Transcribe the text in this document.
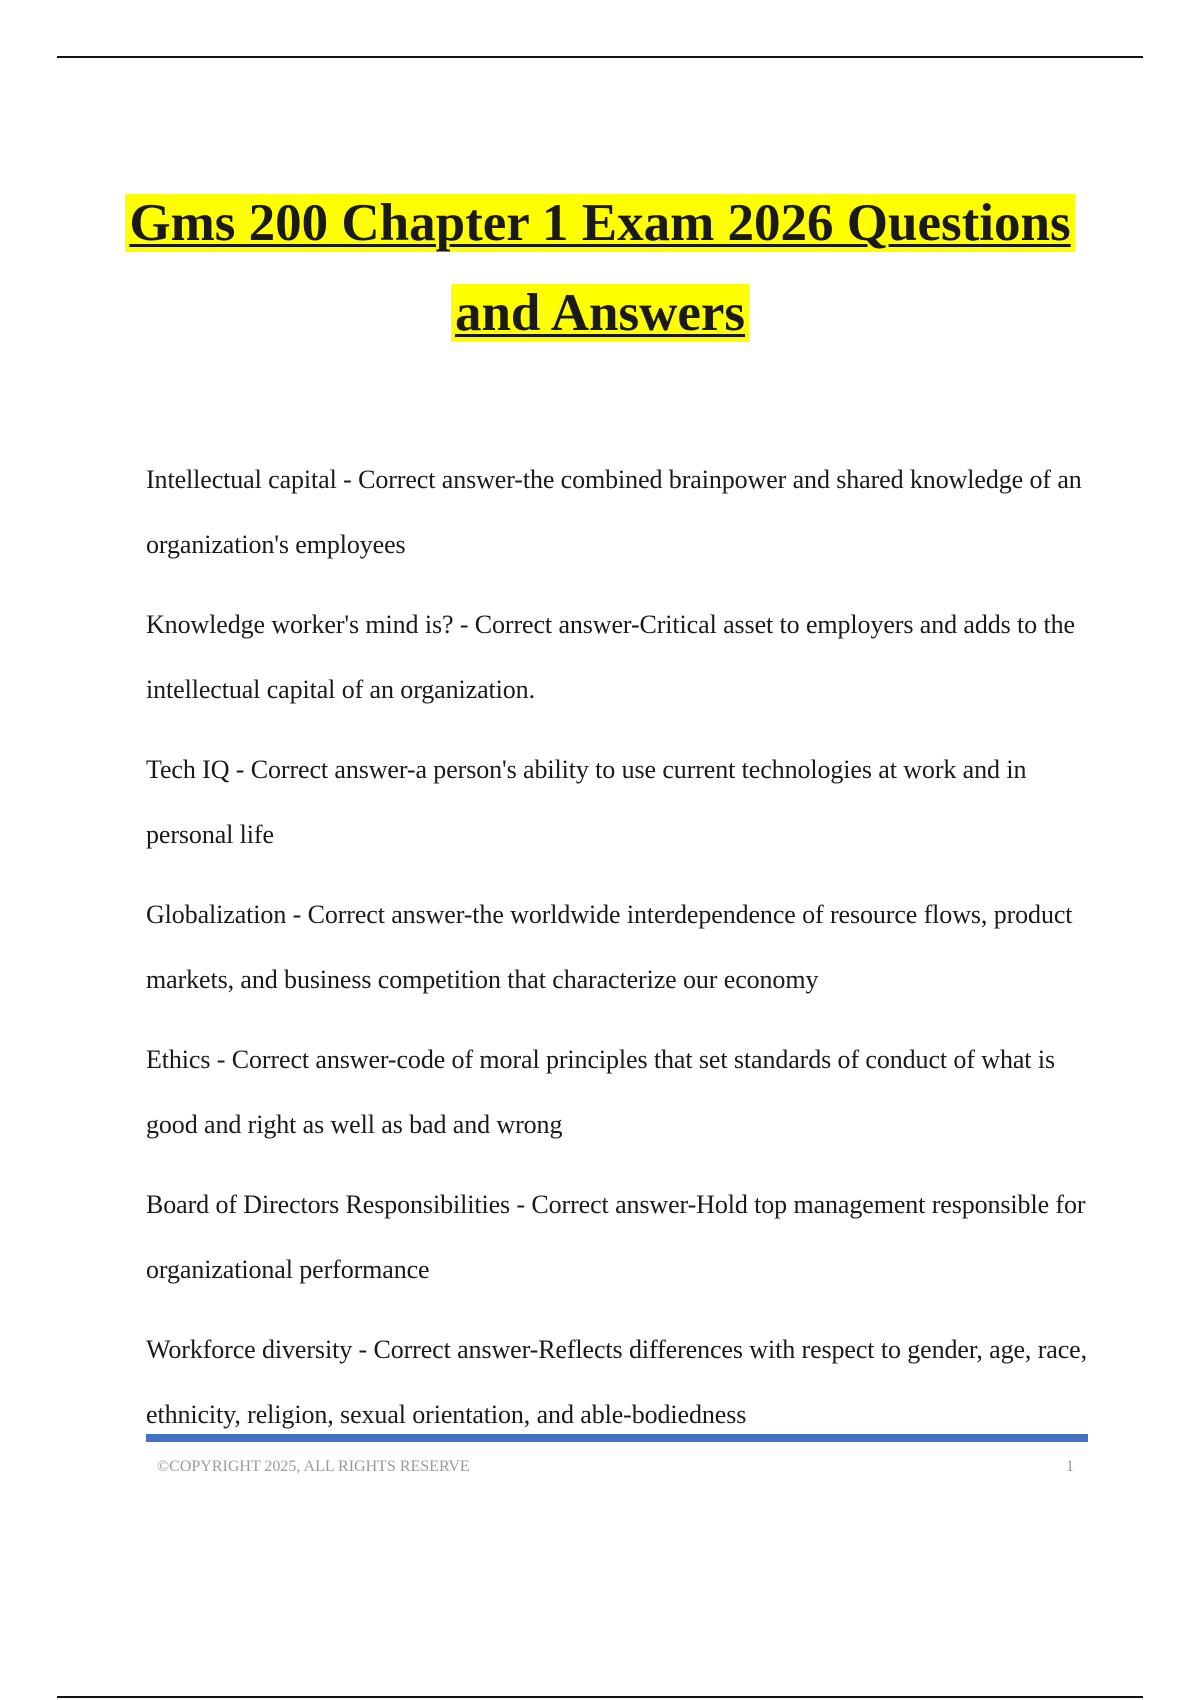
Gms 200 Chapter 1 Exam 2026 Questions
and Answers

Intellectual capital - Correct answer-the combined brainpower and shared knowledge of an organization's employees

Knowledge worker's mind is? - Correct answer-Critical asset to employers and adds to the intellectual capital of an organization.

Tech IQ - Correct answer-a person's ability to use current technologies at work and in personal life

Globalization - Correct answer-the worldwide interdependence of resource flows, product markets, and business competition that characterize our economy

Ethics - Correct answer-code of moral principles that set standards of conduct of what is good and right as well as bad and wrong

Board of Directors Responsibilities - Correct answer-Hold top management responsible for organizational performance

Workforce diversity - Correct answer-Reflects differences with respect to gender, age, race, ethnicity, religion, sexual orientation, and able-bodiedness

©COPYRIGHT 2025, ALL RIGHTS RESERVE	1
